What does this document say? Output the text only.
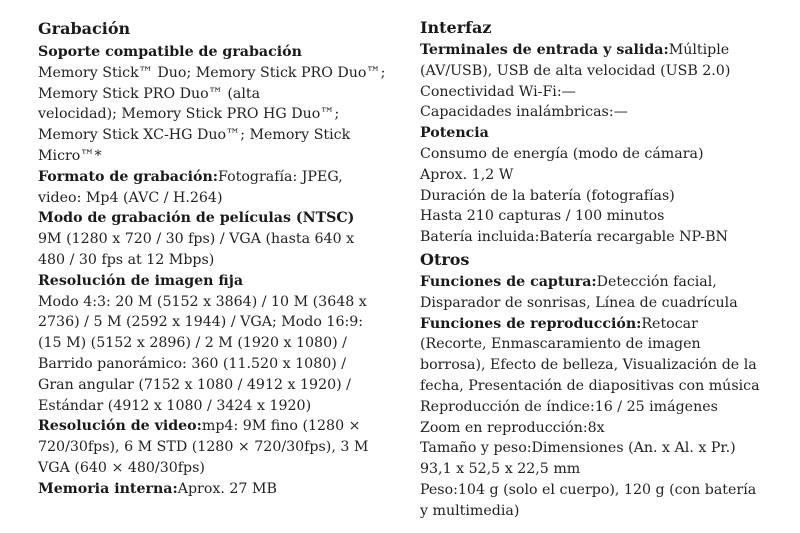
Grabación

Soporte compatible de grabación

Memory Stick™ Duo; Memory Stick PRO Duo™;

Memory Stick PRO Duo™ (alta

velocidad); Memory Stick PRO HG Duo™;

Memory Stick XC-HG Duo™; Memory Stick

Micro™*

Formato de grabación:Fotografía: JPEG,

video: Mp4 (AVC / H.264)

Modo de grabación de películas (NTSC)

9M (1280 x 720 / 30 fps) / VGA (hasta 640 x

480 / 30 fps at 12 Mbps)

Resolución de imagen fija

Modo 4:3: 20 M (5152 x 3864) / 10 M (3648 x

2736) / 5 M (2592 x 1944) / VGA; Modo 16:9:

(15 M) (5152 x 2896) / 2 M (1920 x 1080) /

Barrido panorámico: 360 (11.520 x 1080) /

Gran angular (7152 x 1080 / 4912 x 1920) /

Estándar (4912 x 1080 / 3424 x 1920)

Resolución de video:mp4: 9M fino (1280 ×

720/30fps), 6 M STD (1280 × 720/30fps), 3 M

VGA (640 × 480/30fps)

Memoria interna:Aprox. 27 MB

Interfaz

Terminales de entrada y salida:Múltiple

(AV/USB), USB de alta velocidad (USB 2.0)

Conectividad Wi-Fi:—

Capacidades inalámbricas:—

Potencia

Consumo de energía (modo de cámara)

Aprox. 1,2 W

Duración de la batería (fotografías)

Hasta 210 capturas / 100 minutos

Batería incluida:Batería recargable NP-BN

Otros

Funciones de captura:Detección facial,

Disparador de sonrisas, Línea de cuadrícula

Funciones de reproducción:Retocar

(Recorte, Enmascaramiento de imagen

borrosa), Efecto de belleza, Visualización de la

fecha, Presentación de diapositivas con música

Reproducción de índice:16 / 25 imágenes

Zoom en reproducción:8x

Tamaño y peso:Dimensiones (An. x Al. x Pr.)

93,1 x 52,5 x 22,5 mm

Peso:104 g (solo el cuerpo), 120 g (con batería

y multimedia)
